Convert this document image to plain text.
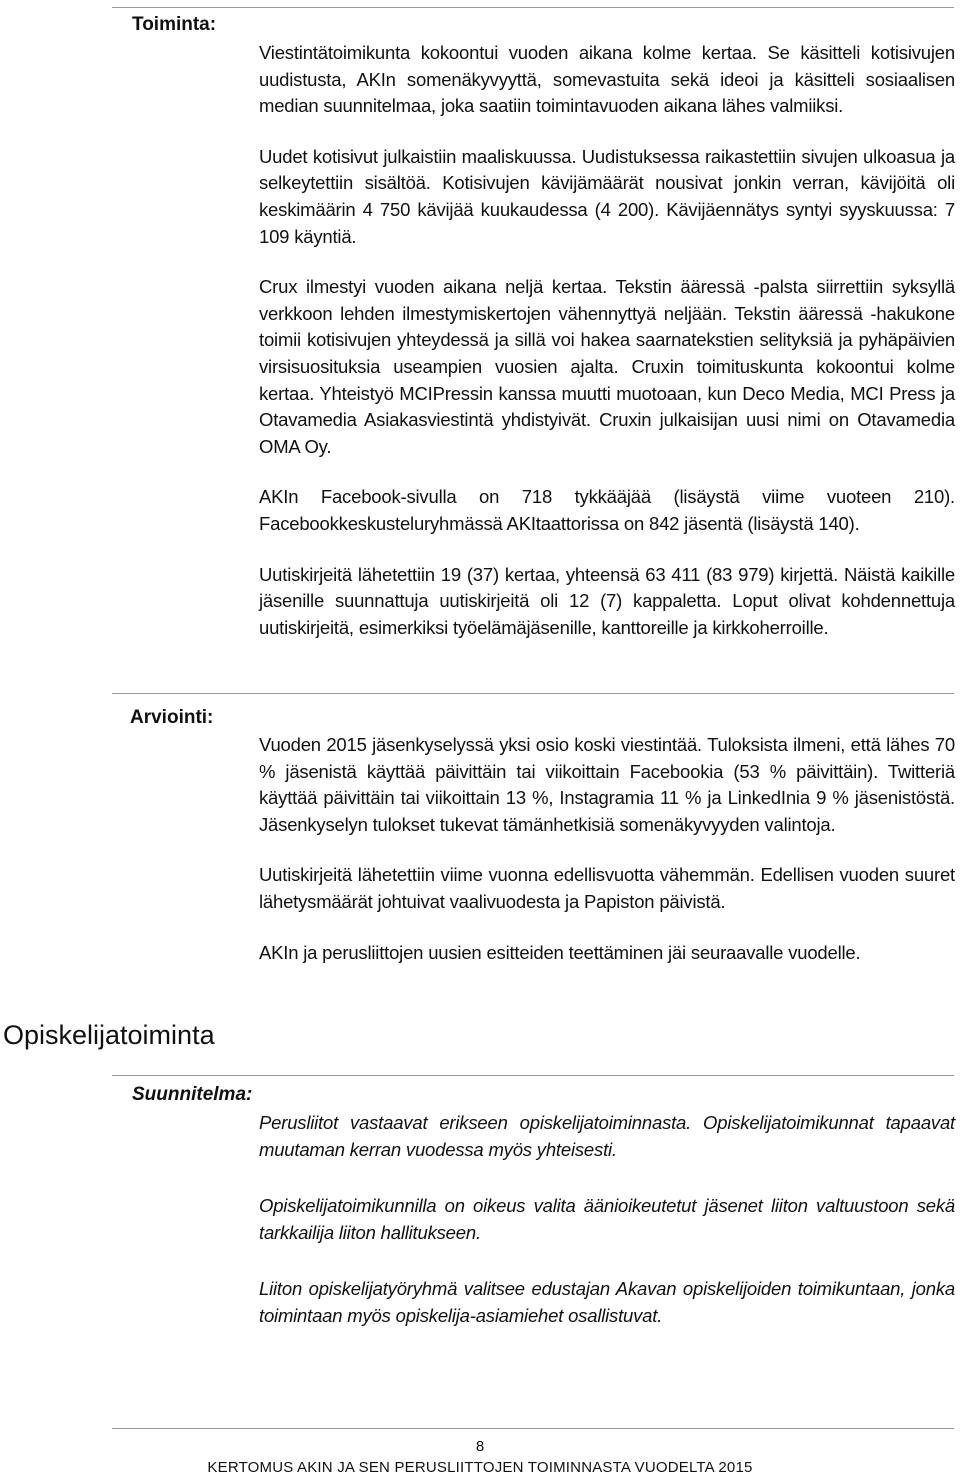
Toiminta:

Viestintätoimikunta kokoontui vuoden aikana kolme kertaa. Se käsitteli kotisivujen uudistusta, AKIn somenäkyvyyttä, somevastuita sekä ideoi ja käsitteli sosiaalisen median suunnitelmaa, joka saatiin toimintavuoden aikana lähes valmiiksi.

Uudet kotisivut julkaistiin maaliskuussa. Uudistuksessa raikastettiin sivujen ulkoasua ja selkeytettiin sisältöä. Kotisivujen kävijämäärät nousivat jonkin verran, kävijöitä oli keskimäärin 4 750 kävijää kuukaudessa (4 200). Kävijäennätys syntyi syyskuussa: 7 109 käyntiä.

Crux ilmestyi vuoden aikana neljä kertaa. Tekstin ääressä -palsta siirrettiin syksyllä verkkoon lehden ilmestymiskertojen vähennyttyä neljään. Tekstin ääressä -hakukone toimii kotisivujen yhteydessä ja sillä voi hakea saarnatekstien selityksiä ja pyhäpäivien virsisuosituksia useampien vuosien ajalta. Cruxin toimituskunta kokoontui kolme kertaa. Yhteistyö MCIPressin kanssa muutti muotoaan, kun Deco Media, MCI Press ja Otavamedia Asiakasviestintä yhdistyivät. Cruxin julkaisijan uusi nimi on Otavamedia OMA Oy.

AKIn Facebook-sivulla on 718 tykkääjää (lisäystä viime vuoteen 210). Facebookkeskusteluryhmässä AKItaattorissa on 842 jäsentä (lisäystä 140).

Uutiskirjeitä lähetettiin 19 (37) kertaa, yhteensä 63 411 (83 979) kirjettä. Näistä kaikille jäsenille suunnattuja uutiskirjeitä oli 12 (7) kappaletta. Loput olivat kohdennettuja uutiskirjeitä, esimerkiksi työelämäjäsenille, kanttoreille ja kirkkoherroille.

Arviointi:

Vuoden 2015 jäsenkyselyssä yksi osio koski viestintää. Tuloksista ilmeni, että lähes 70 % jäsenistä käyttää päivittäin tai viikoittain Facebookia (53 % päivittäin). Twitteriä käyttää päivittäin tai viikoittain 13 %, Instagramia 11 % ja LinkedInia 9 % jäsenistöstä. Jäsenkyselyn tulokset tukevat tämänhetkisiä somenäkyvyyden valintoja.

Uutiskirjeitä lähetettiin viime vuonna edellisvuotta vähemmän. Edellisen vuoden suuret lähetysmäärät johtuivat vaalivuodesta ja Papiston päivistä.

AKIn ja perusliittojen uusien esitteiden teettäminen jäi seuraavalle vuodelle.

Opiskelijatoiminta
Suunnitelma:

Perusliitot vastaavat erikseen opiskelijatoiminnasta. Opiskelijatoimikunnat tapaavat muutaman kerran vuodessa myös yhteisesti.

Opiskelijatoimikunnilla on oikeus valita äänioikeutetut jäsenet liiton valtuustoon sekä tarkkailija liiton hallitukseen.

Liiton opiskelijatyöryhmä valitsee edustajan Akavan opiskelijoiden toimikuntaan, jonka toimintaan myös opiskelija-asiamiehet osallistuvat.

8
KERTOMUS AKIN JA SEN PERUSLIITTOJEN TOIMINNASTA VUODELTA 2015
